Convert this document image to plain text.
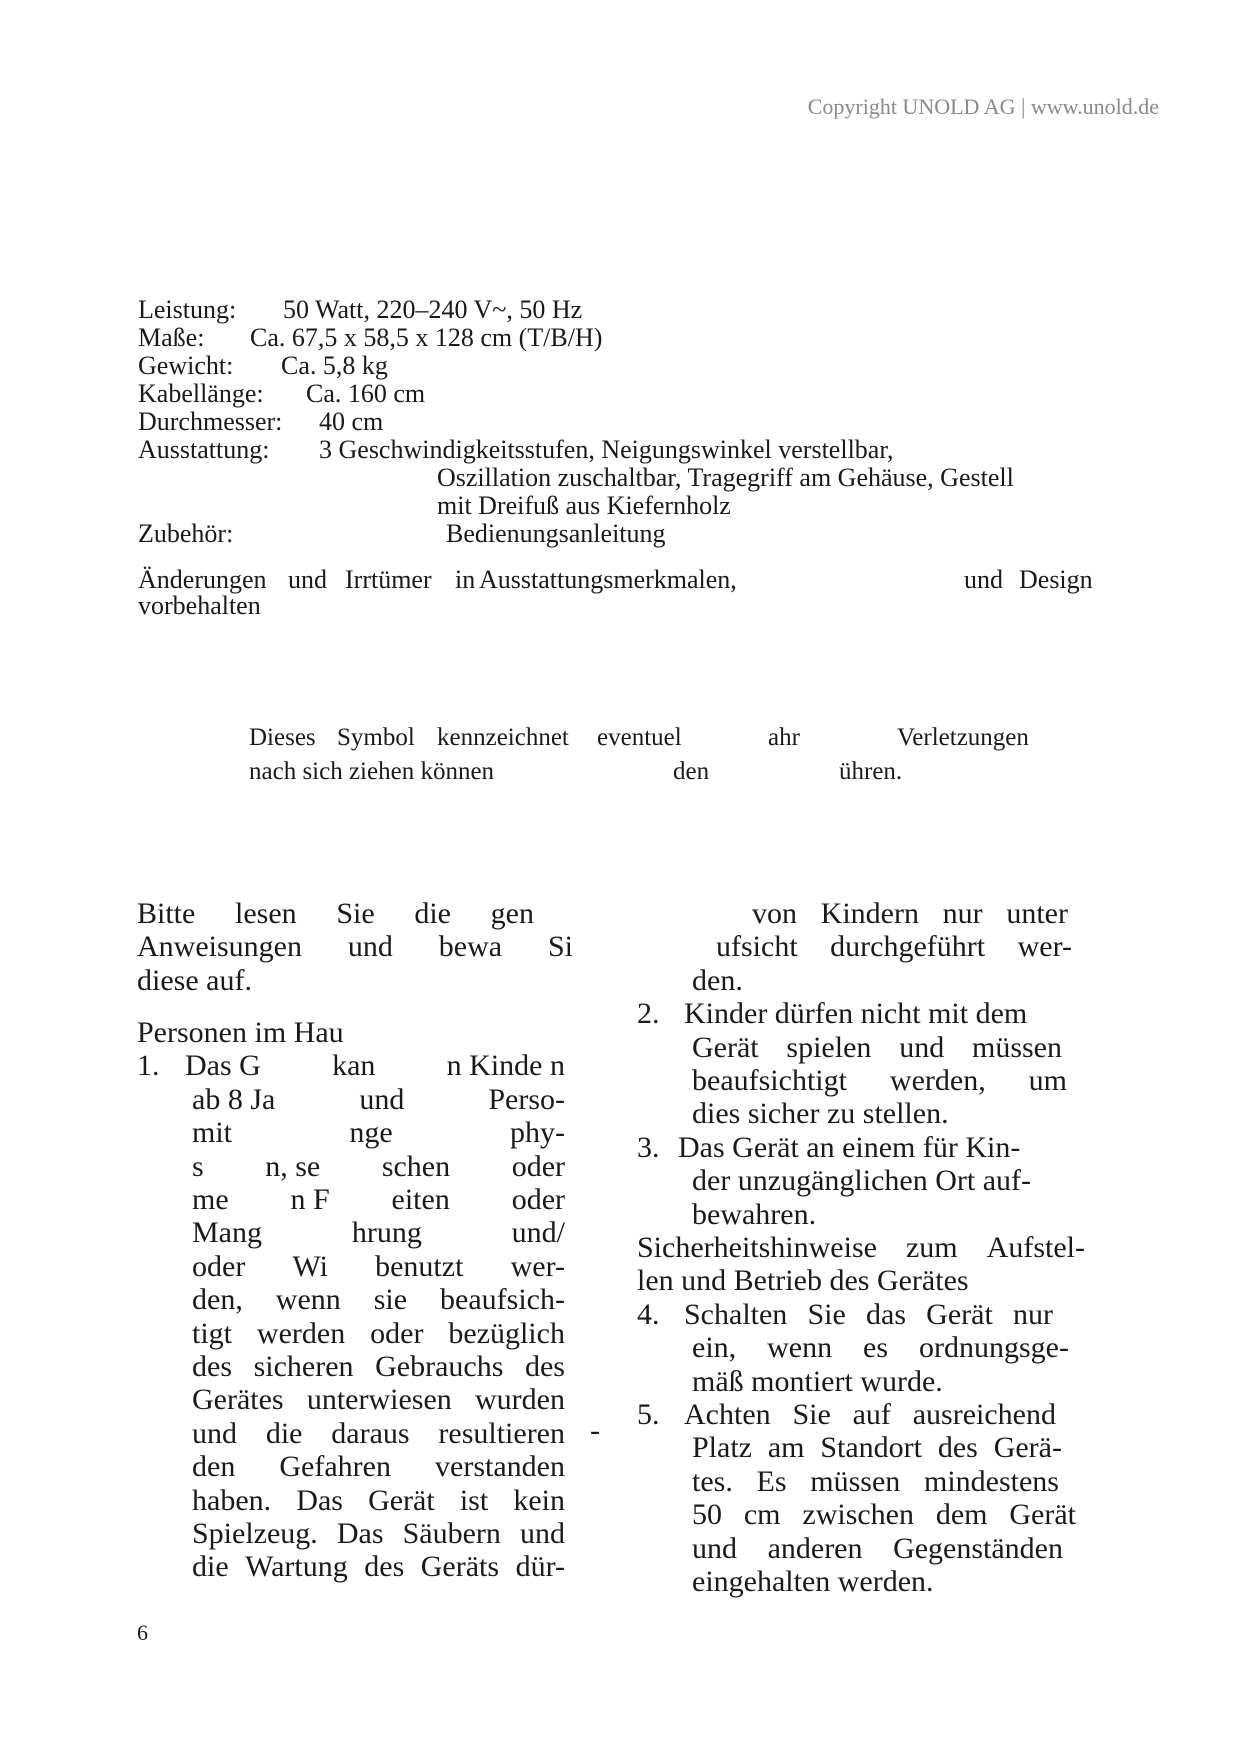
Copyright UNOLD AG | www.unold.de
Leistung: 50 Watt, 220–240 V~, 50 Hz
Maße: Ca. 67,5 x 58,5 x 128 cm (T/B/H)
Gewicht: Ca. 5,8 kg
Kabellänge: Ca. 160 cm
Durchmesser: 40 cm
Ausstattung: 3 Geschwindigkeitsstufen, Neigungswinkel verstellbar,
Oszillation zuschaltbar, Tragegriff am Gehäuse, Gestell
mit Dreifuß aus Kiefernholz
Zubehör:	Bedienungsanleitung
Änderungen und Irrtümer in Ausstattungsmerkmalen,	und Design
vorbehalten
Dieses Symbol kennzeichnet eventuel	ahr	Verletzungen
nach sich ziehen können	den	ühren.
Bitte lesen Sie die gen
Anweisungen und bewa Si
diese auf.
Personen im Hau
1. Das G kan n Kinde n
ab 8 Ja	und	Perso-
mit	nge	phy-
s n, se schen oder
me n F eiten oder
Mang	hrung	und/
oder Wi benutzt wer-
den, wenn sie beaufsich-
tigt werden oder bezüglich
des sicheren Gebrauchs des
Gerätes unterwiesen wurden
und die daraus resultieren
den Gefahren verstanden
haben. Das Gerät ist kein
Spielzeug. Das Säubern und
die Wartung des Geräts dür-
-
von Kindern nur unter
ufsicht durchgeführt wer-
den.
2. Kinder dürfen nicht mit dem
Gerät spielen und müssen
beaufsichtigt werden, um
dies sicher zu stellen.
3. Das Gerät an einem für Kin-
der unzugänglichen Ort auf-
bewahren.
Sicherheitshinweise zum Aufstel-
len und Betrieb des Gerätes
4. Schalten Sie das Gerät nur
ein, wenn es ordnungsge-
mäß montiert wurde.
5. Achten Sie auf ausreichend
Platz am Standort des Gerä-
tes. Es müssen mindestens
50 cm zwischen dem Gerät
und anderen Gegenständen
eingehalten werden.
6
